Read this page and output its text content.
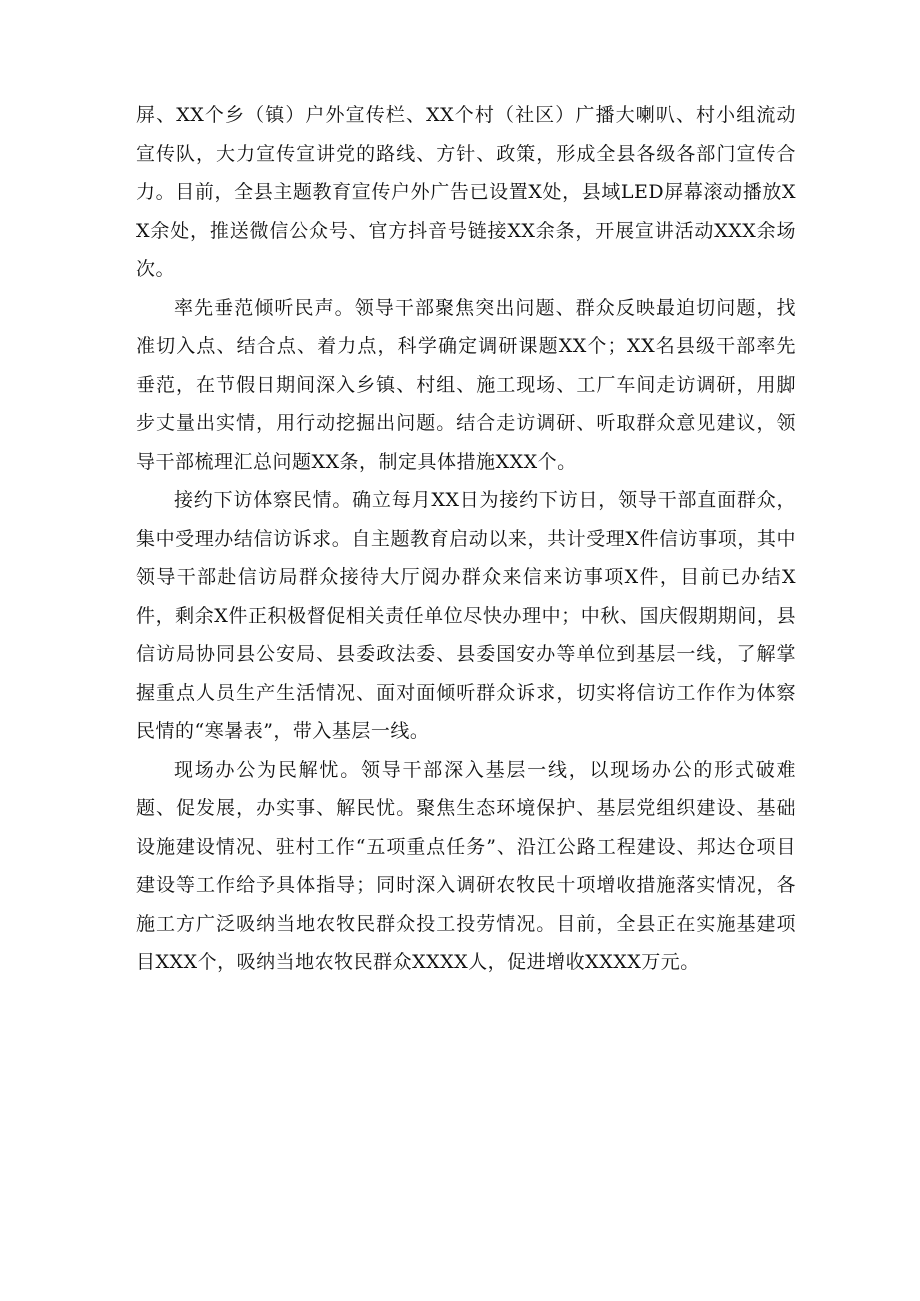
屏、XX个乡（镇）户外宣传栏、XX个村（社区）广播大喇叭、村小组流动宣传队，大力宣传宣讲党的路线、方针、政策，形成全县各级各部门宣传合力。目前，全县主题教育宣传户外广告已设置X处，县域LED屏幕滚动播放XX余处，推送微信公众号、官方抖音号链接XX余条，开展宣讲活动XXX余场次。

率先垂范倾听民声。领导干部聚焦突出问题、群众反映最迫切问题，找准切入点、结合点、着力点，科学确定调研课题XX个；XX名县级干部率先垂范，在节假日期间深入乡镇、村组、施工现场、工厂车间走访调研，用脚步丈量出实情，用行动挖掘出问题。结合走访调研、听取群众意见建议，领导干部梳理汇总问题XX条，制定具体措施XXX个。

接约下访体察民情。确立每月XX日为接约下访日，领导干部直面群众，集中受理办结信访诉求。自主题教育启动以来，共计受理X件信访事项，其中领导干部赴信访局群众接待大厅阅办群众来信来访事项X件，目前已办结X件，剩余X件正积极督促相关责任单位尽快办理中；中秋、国庆假期期间，县信访局协同县公安局、县委政法委、县委国安办等单位到基层一线，了解掌握重点人员生产生活情况、面对面倾听群众诉求，切实将信访工作作为体察民情的“寒暑表”，带入基层一线。

现场办公为民解忧。领导干部深入基层一线，以现场办公的形式破难题、促发展，办实事、解民忧。聚焦生态环境保护、基层党组织建设、基础设施建设情况、驻村工作“五项重点任务”、沿江公路工程建设、邦达仓项目建设等工作给予具体指导；同时深入调研农牧民十项增收措施落实情况，各施工方广泛吸纳当地农牧民群众投工投劳情况。目前，全县正在实施基建项目XXX个，吸纳当地农牧民群众XXXX人，促进增收XXXX万元。
